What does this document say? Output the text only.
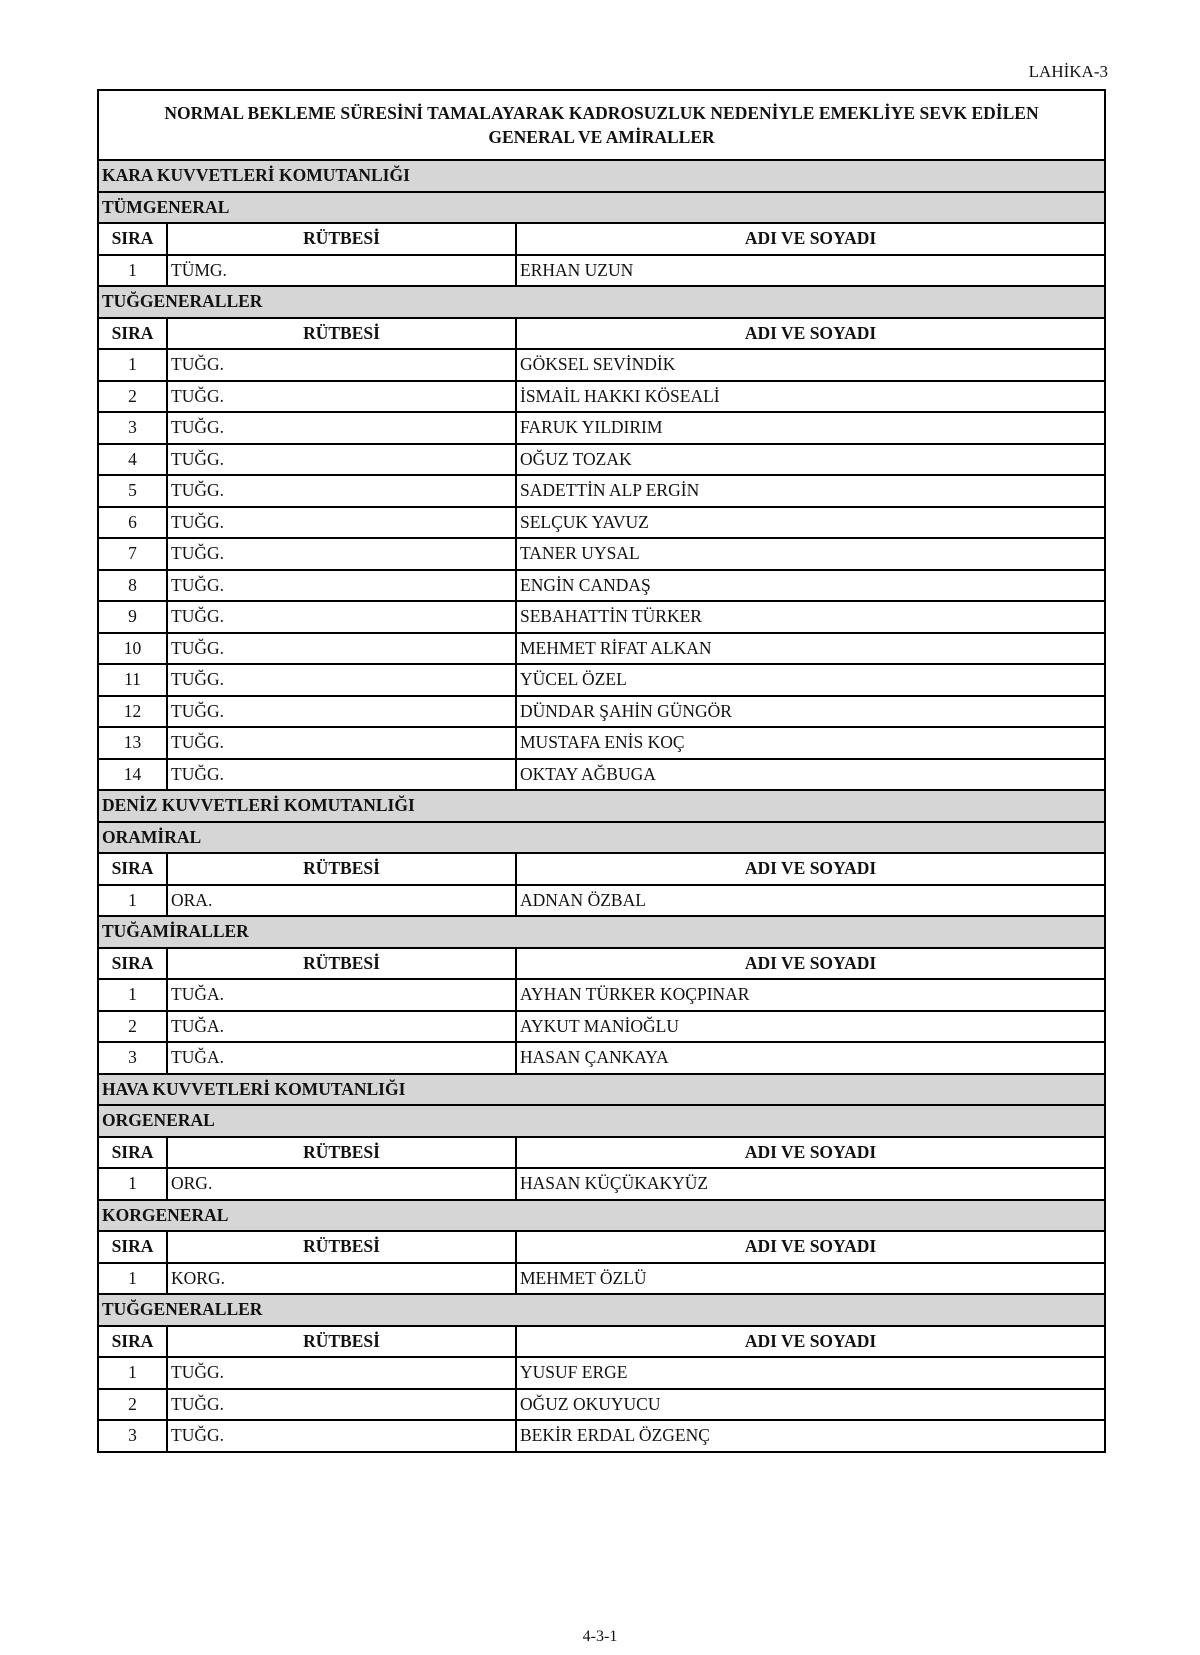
LAHİKA-3
NORMAL BEKLEME SÜRESİNİ TAMALAYARAK KADROSUZLUK NEDENİYLE EMEKLİYE SEVK EDİLEN
GENERAL VE AMİRALLER		

KARA KUVVETLERİ KOMUTANLIĞI		
TÜMGENERAL		
SIRA	RÜTBESİ	ADI VE SOYADI
1	TÜMG.	ERHAN UZUN
TUĞGENERALLER		
SIRA	RÜTBESİ	ADI VE SOYADI
1	TUĞG.	GÖKSEL SEVİNDİK
2	TUĞG.	İSMAİL HAKKI KÖSEALİ
3	TUĞG.	FARUK YILDIRIM
4	TUĞG.	OĞUZ TOZAK
5	TUĞG.	SADETTİN ALP ERGİN
6	TUĞG.	SELÇUK YAVUZ
7	TUĞG.	TANER UYSAL
8	TUĞG.	ENGİN CANDAŞ
9	TUĞG.	SEBAHATTİN TÜRKER
10	TUĞG.	MEHMET RİFAT ALKAN
11	TUĞG.	YÜCEL ÖZEL
12	TUĞG.	DÜNDAR ŞAHİN GÜNGÖR
13	TUĞG.	MUSTAFA ENİS KOÇ
14	TUĞG.	OKTAY AĞBUGA
DENİZ KUVVETLERİ KOMUTANLIĞI		
ORAMİRAL		
SIRA	RÜTBESİ	ADI VE SOYADI
1	ORA.	ADNAN ÖZBAL
TUĞAMİRALLER		
SIRA	RÜTBESİ	ADI VE SOYADI
1	TUĞA.	AYHAN TÜRKER KOÇPINAR
2	TUĞA.	AYKUT MANİOĞLU
3	TUĞA.	HASAN ÇANKAYA
HAVA KUVVETLERİ KOMUTANLIĞI		
ORGENERAL		
SIRA	RÜTBESİ	ADI VE SOYADI
1	ORG.	HASAN KÜÇÜKAKYÜZ
KORGENERAL		
SIRA	RÜTBESİ	ADI VE SOYADI
1	KORG.	MEHMET ÖZLÜ
TUĞGENERALLER		
SIRA	RÜTBESİ	ADI VE SOYADI
1	TUĞG.	YUSUF ERGE
2	TUĞG.	OĞUZ OKUYUCU
3	TUĞG.	BEKİR ERDAL ÖZGENÇ
4-3-1
